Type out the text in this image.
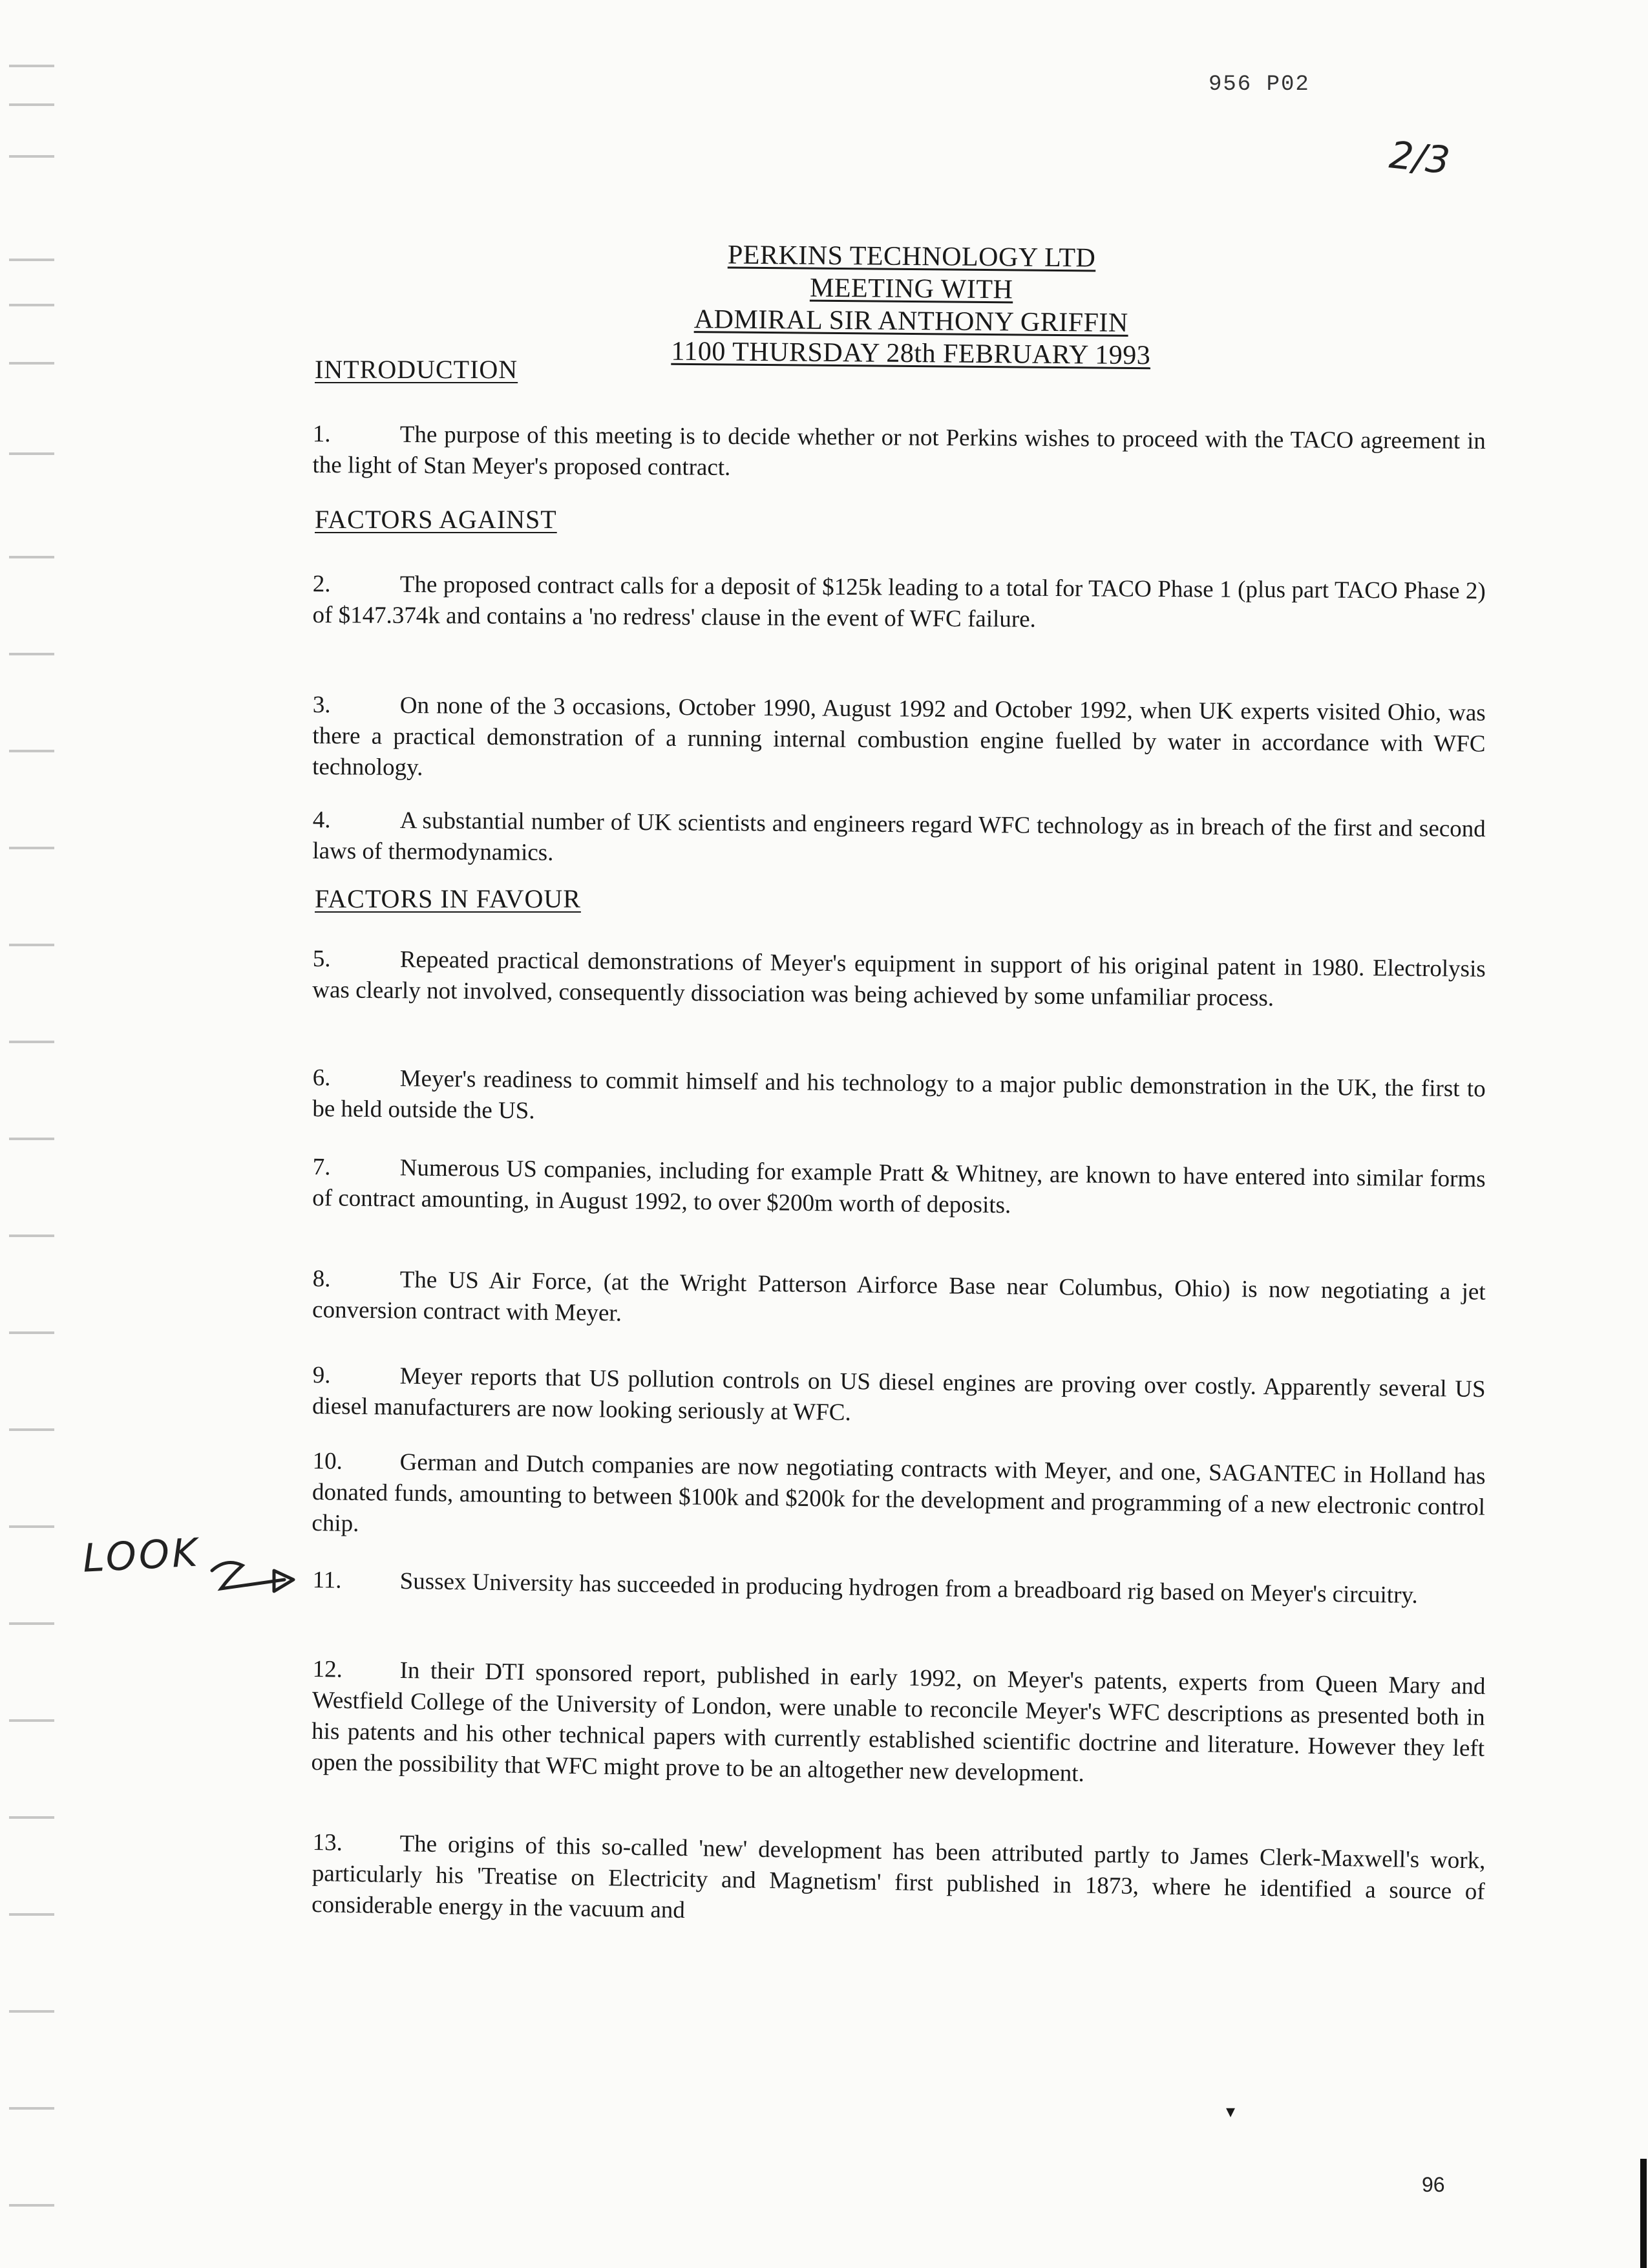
956 P02
2/3
PERKINS TECHNOLOGY LTD
MEETING WITH
ADMIRAL SIR ANTHONY GRIFFIN
1100 THURSDAY 28th FEBRUARY 1993
INTRODUCTION
1.	The purpose of this meeting is to decide whether or not Perkins wishes to proceed with the TACO agreement in the light of Stan Meyer's proposed contract.
FACTORS AGAINST
2.	The proposed contract calls for a deposit of $125k leading to a total for TACO Phase 1 (plus part TACO Phase 2) of $147.374k and contains a 'no redress' clause in the event of WFC failure.
3.	On none of the 3 occasions, October 1990, August 1992 and October 1992, when UK experts visited Ohio, was there a practical demonstration of a running internal combustion engine fuelled by water in accordance with WFC technology.
4.	A substantial number of UK scientists and engineers regard WFC technology as in breach of the first and second laws of thermodynamics.
FACTORS IN FAVOUR
5.	Repeated practical demonstrations of Meyer's equipment in support of his original patent in 1980. Electrolysis was clearly not involved, consequently dissociation was being achieved by some unfamiliar process.
6.	Meyer's readiness to commit himself and his technology to a major public demonstration in the UK, the first to be held outside the US.
7.	Numerous US companies, including for example Pratt & Whitney, are known to have entered into similar forms of contract amounting, in August 1992, to over $200m worth of deposits.
8.	The US Air Force, (at the Wright Patterson Airforce Base near Columbus, Ohio) is now negotiating a jet conversion contract with Meyer.
9.	Meyer reports that US pollution controls on US diesel engines are proving over costly. Apparently several US diesel manufacturers are now looking seriously at WFC.
10. German and Dutch companies are now negotiating contracts with Meyer, and one, SAGANTEC in Holland has donated funds, amounting to between $100k and $200k for the development and programming of a new electronic control chip.
11. Sussex University has succeeded in producing hydrogen from a breadboard rig based on Meyer's circuitry.
12. In their DTI sponsored report, published in early 1992, on Meyer's patents, experts from Queen Mary and Westfield College of the University of London, were unable to reconcile Meyer's WFC descriptions as presented both in his patents and his other technical papers with currently established scientific doctrine and literature. However they left open the possibility that WFC might prove to be an altogether new development.
13. The origins of this so-called 'new' development has been attributed partly to James Clerk-Maxwell's work, particularly his 'Treatise on Electricity and Magnetism' first published in 1873, where he identified a source of considerable energy in the vacuum and
LOOK
▾
96
